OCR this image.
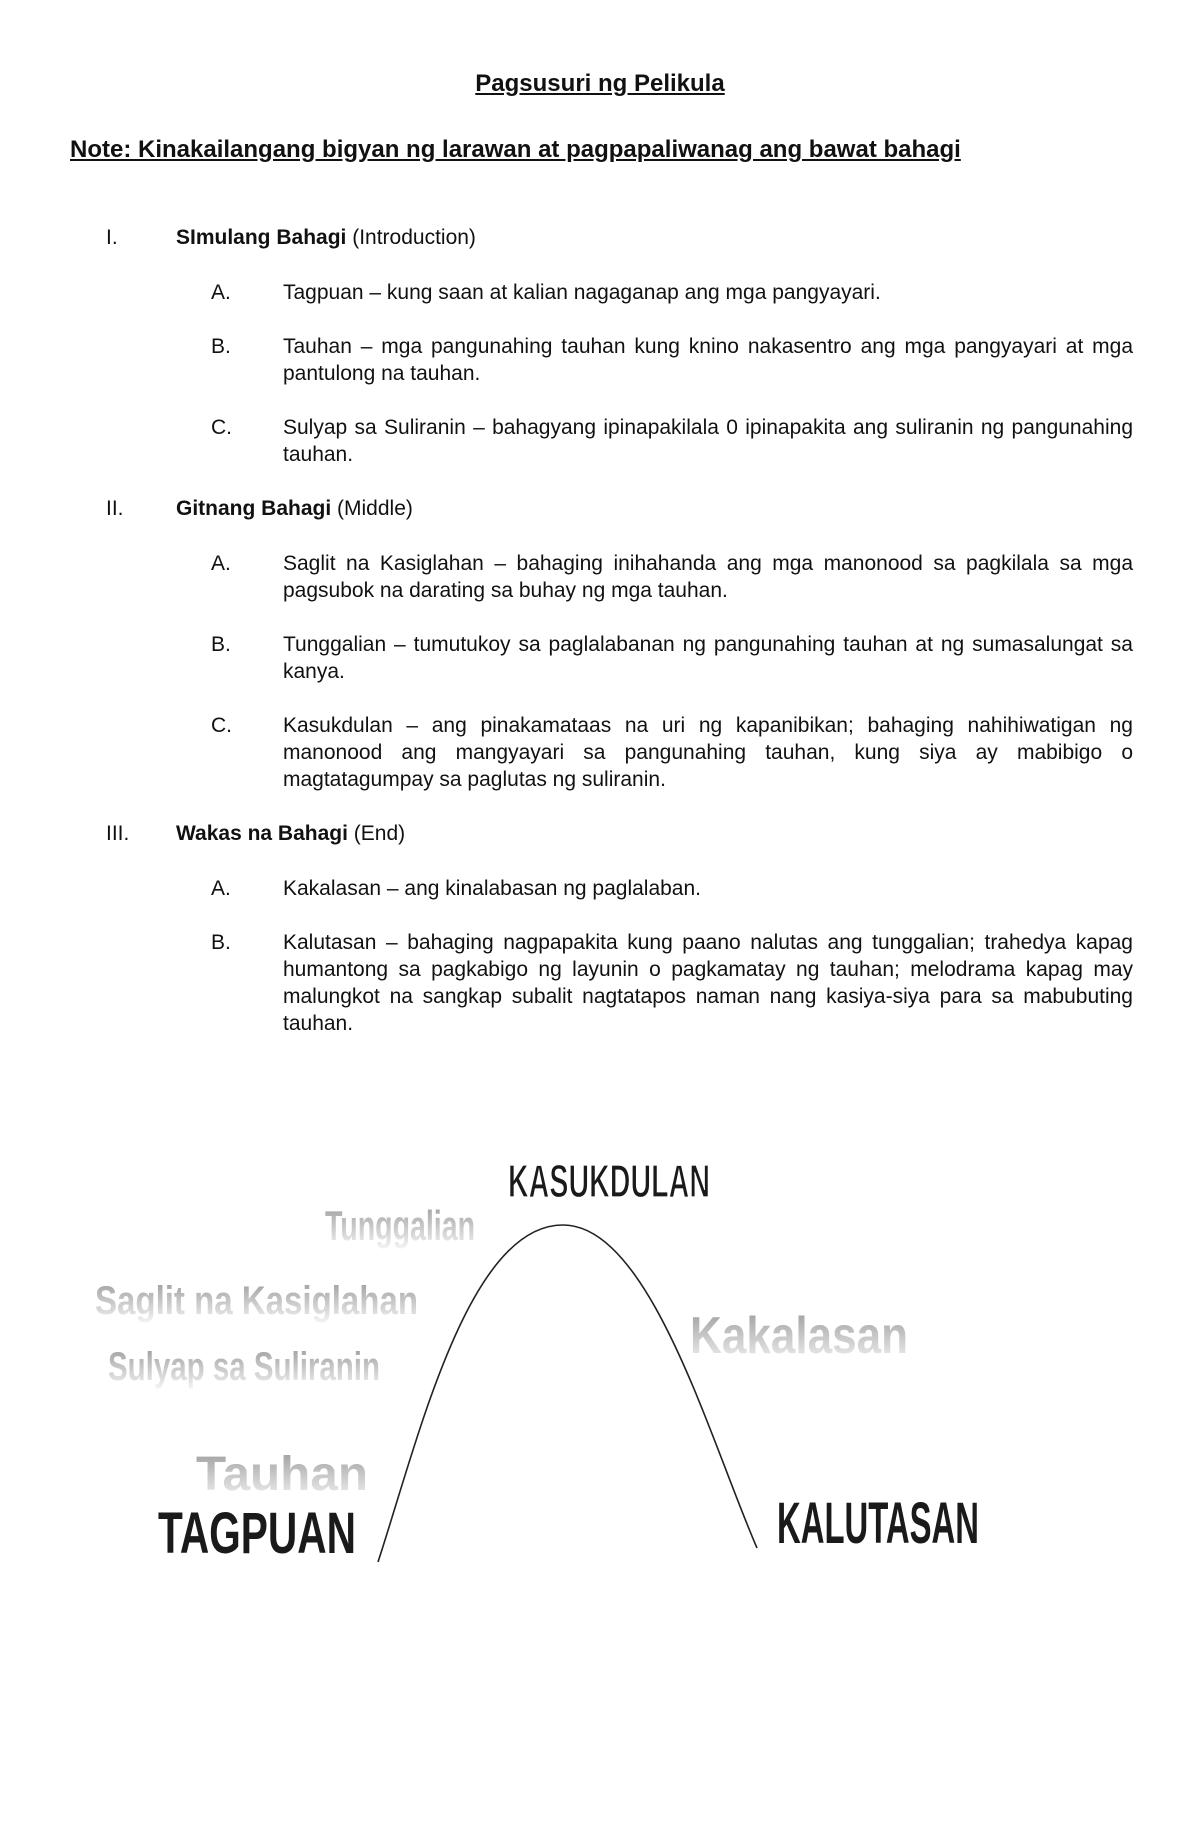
Pagsusuri ng Pelikula
Note: Kinakailangang bigyan ng larawan at pagpapaliwanag ang bawat bahagi
I.	SImulang Bahagi (Introduction)
A. Tagpuan – kung saan at kalian nagaganap ang mga pangyayari.
B. Tauhan – mga pangunahing tauhan kung knino nakasentro ang mga pangyayari at mga pantulong na tauhan.
C. Sulyap sa Suliranin – bahagyang ipinapakilala 0 ipinapakita ang suliranin ng pangunahing tauhan.
II. Gitnang Bahagi (Middle)
A. Saglit na Kasiglahan – bahaging inihahanda ang mga manonood sa pagkilala sa mga pagsubok na darating sa buhay ng mga tauhan.
B. Tunggalian – tumutukoy sa paglalabanan ng pangunahing tauhan at ng sumasalungat sa kanya.
C. Kasukdulan – ang pinakamataas na uri ng kapanibikan; bahaging nahihiwatigan ng manonood ang mangyayari sa pangunahing tauhan, kung siya ay mabibigo o magtatagumpay sa paglutas ng suliranin.
III. Wakas na Bahagi (End)
A. Kakalasan – ang kinalabasan ng paglalaban.
B. Kalutasan – bahaging nagpapakita kung paano nalutas ang tunggalian; trahedya kapag humantong sa pagkabigo ng layunin o pagkamatay ng tauhan; melodrama kapag may malungkot na sangkap subalit nagtatapos naman nang kasiya-siya para sa mabubuting tauhan.
KASUKDULAN
Tunggalian
Saglit na Kasiglahan
Sulyap sa Suliranin
Kakalasan
Tauhan
TAGPUAN	KALUTASAN
